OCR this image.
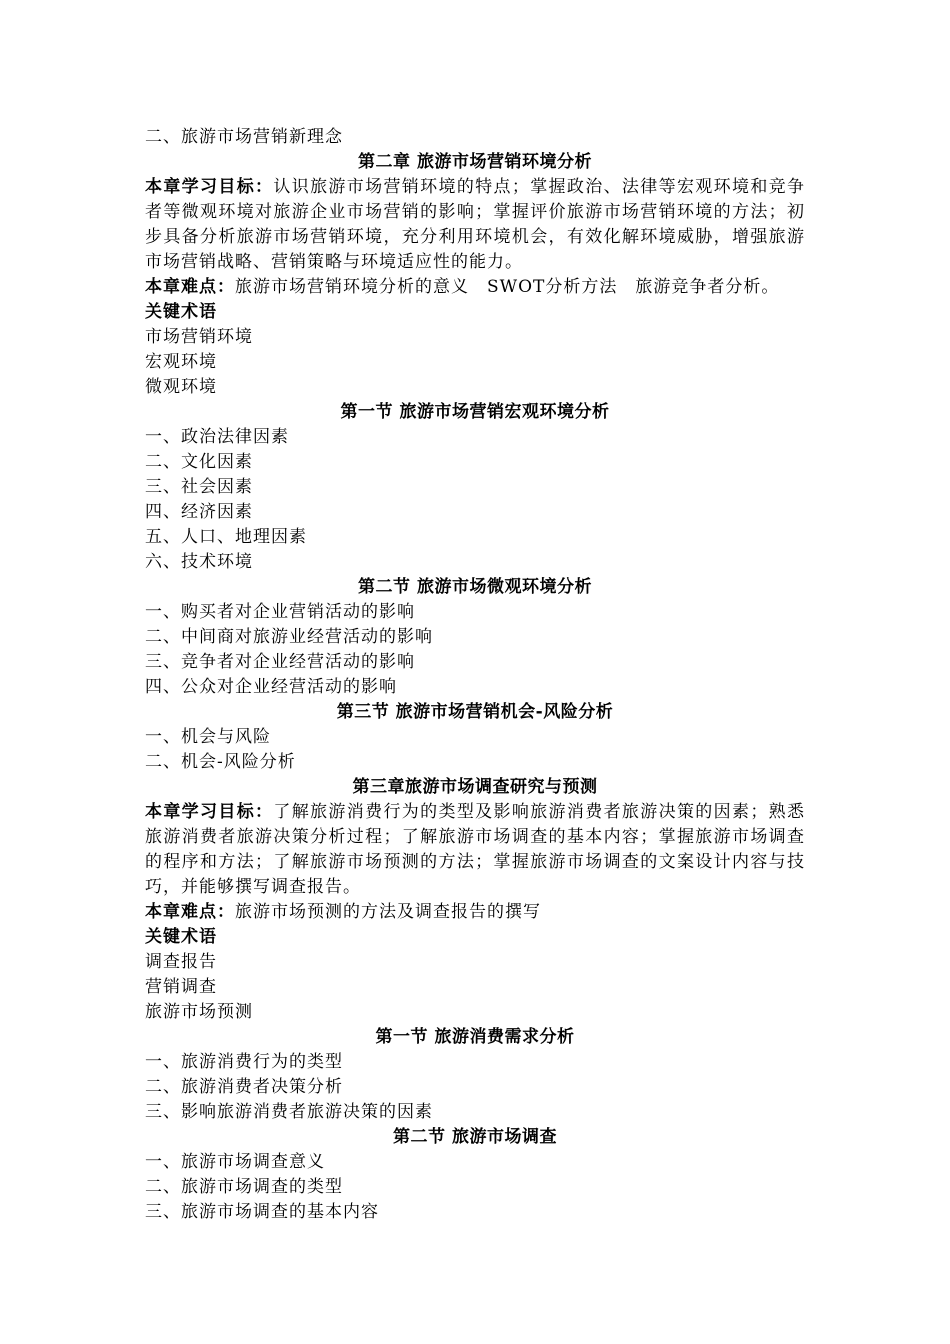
二、旅游市场营销新理念
第二章 旅游市场营销环境分析
本章学习目标：认识旅游市场营销环境的特点；掌握政治、法律等宏观环境和竞争者等微观环境对旅游企业市场营销的影响；掌握评价旅游市场营销环境的方法；初步具备分析旅游市场营销环境，充分利用环境机会，有效化解环境威胁，增强旅游市场营销战略、营销策略与环境适应性的能力。
本章难点：旅游市场营销环境分析的意义　SWOT分析方法　旅游竞争者分析。
关键术语
市场营销环境
宏观环境
微观环境
第一节 旅游市场营销宏观环境分析
一、政治法律因素
二、文化因素
三、社会因素
四、经济因素
五、人口、地理因素
六、技术环境
第二节 旅游市场微观环境分析
一、购买者对企业营销活动的影响
二、中间商对旅游业经营活动的影响
三、竞争者对企业经营活动的影响
四、公众对企业经营活动的影响
第三节 旅游市场营销机会-风险分析
一、机会与风险
二、机会-风险分析
第三章旅游市场调查研究与预测
本章学习目标：了解旅游消费行为的类型及影响旅游消费者旅游决策的因素；熟悉旅游消费者旅游决策分析过程；了解旅游市场调查的基本内容；掌握旅游市场调查的程序和方法；了解旅游市场预测的方法；掌握旅游市场调查的文案设计内容与技巧，并能够撰写调查报告。
本章难点：旅游市场预测的方法及调查报告的撰写
关键术语
调查报告
营销调查
旅游市场预测
第一节 旅游消费需求分析
一、旅游消费行为的类型
二、旅游消费者决策分析
三、影响旅游消费者旅游决策的因素
第二节 旅游市场调查
一、旅游市场调查意义
二、旅游市场调查的类型
三、旅游市场调查的基本内容
